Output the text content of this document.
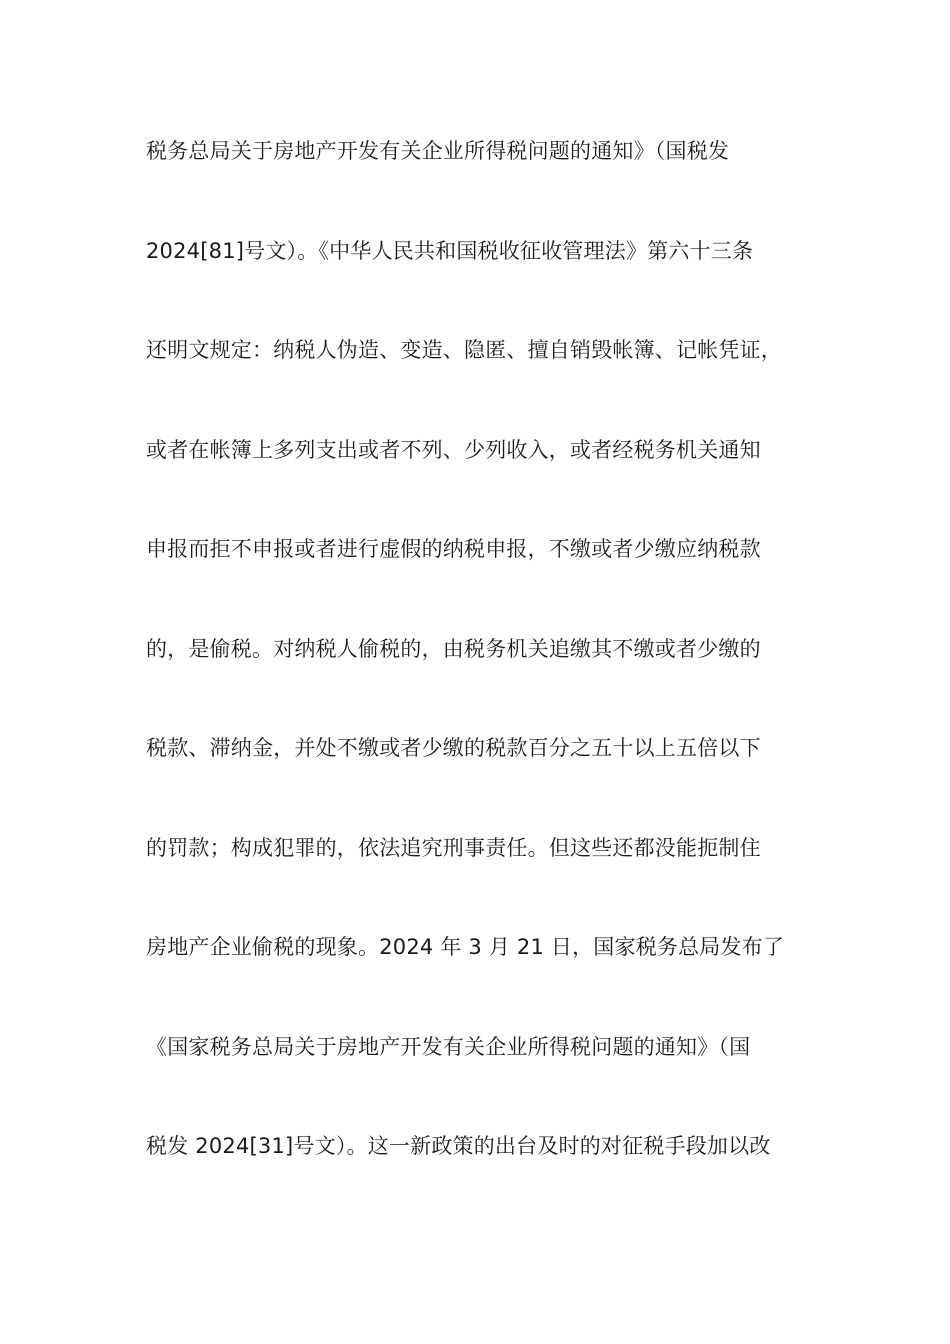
税务总局关于房地产开发有关企业所得税问题的通知》（国税发
2024[81]号文）。《中华人民共和国税收征收管理法》第六十三条
还明文规定：纳税人伪造、变造、隐匿、擅自销毁帐簿、记帐凭证，
或者在帐簿上多列支出或者不列、少列收入，或者经税务机关通知
申报而拒不申报或者进行虚假的纳税申报，不缴或者少缴应纳税款
的，是偷税。对纳税人偷税的，由税务机关追缴其不缴或者少缴的
税款、滞纳金，并处不缴或者少缴的税款百分之五十以上五倍以下
的罚款；构成犯罪的，依法追究刑事责任。但这些还都没能扼制住
房地产企业偷税的现象。2024 年 3 月 21 日，国家税务总局发布了
《国家税务总局关于房地产开发有关企业所得税问题的通知》（国
税发 2024[31]号文）。这一新政策的出台及时的对征税手段加以改
